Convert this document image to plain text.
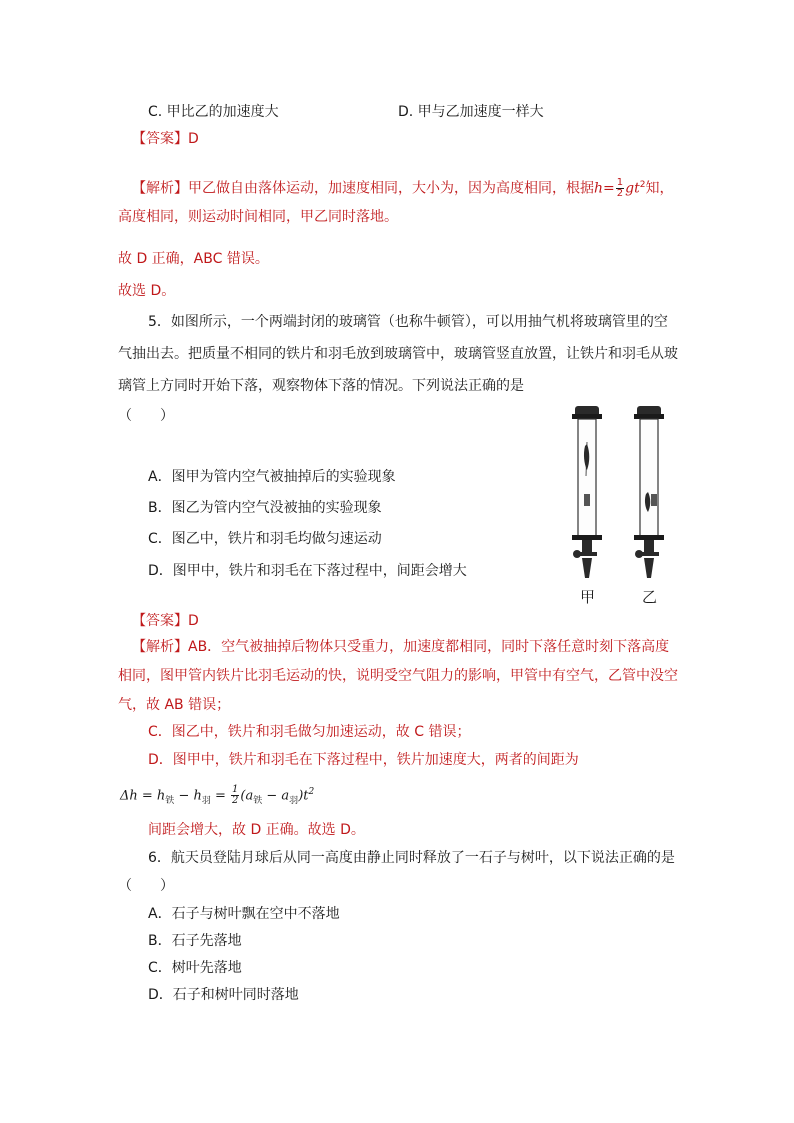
C. 甲比乙的加速度大	D. 甲与乙加速度一样大
【答案】D
【解析】甲乙做自由落体运动，加速度相同，大小为，因为高度相同，根据$h= \frac{1}{2} gt^2$知，
高度相同，则运动时间相同，甲乙同时落地。
故 D 正确，ABC 错误。
故选 D。
5．如图所示，一个两端封闭的玻璃管（也称牛顿管），可以用抽气机将玻璃管里的空
气抽出去。把质量不相同的铁片和羽毛放到玻璃管中，玻璃管竖直放置，让铁片和羽毛从玻
璃管上方同时开始下落，观察物体下落的情况。下列说法正确的是
（　　）
A．图甲为管内空气被抽掉后的实验现象
B．图乙为管内空气没被抽的实验现象
C．图乙中，铁片和羽毛均做匀速运动
D．图甲中，铁片和羽毛在下落过程中，间距会增大
甲	乙
【答案】D
【解析】AB．空气被抽掉后物体只受重力，加速度都相同，同时下落任意时刻下落高度
相同，图甲管内铁片比羽毛运动的快，说明受空气阻力的影响，甲管中有空气，乙管中没空
气，故 AB 错误；
C．图乙中，铁片和羽毛做匀加速运动，故 C 错误；
D．图甲中，铁片和羽毛在下落过程中，铁片加速度大，两者的间距为
$\Delta h = h_铁 - h_羽 = \frac{1}{2} (a_铁 - a_羽)t^2$
间距会增大，故 D 正确。故选 D。
6．航天员登陆月球后从同一高度由静止同时释放了一石子与树叶，以下说法正确的是
（　　）
A．石子与树叶飘在空中不落地
B．石子先落地
C．树叶先落地
D．石子和树叶同时落地
